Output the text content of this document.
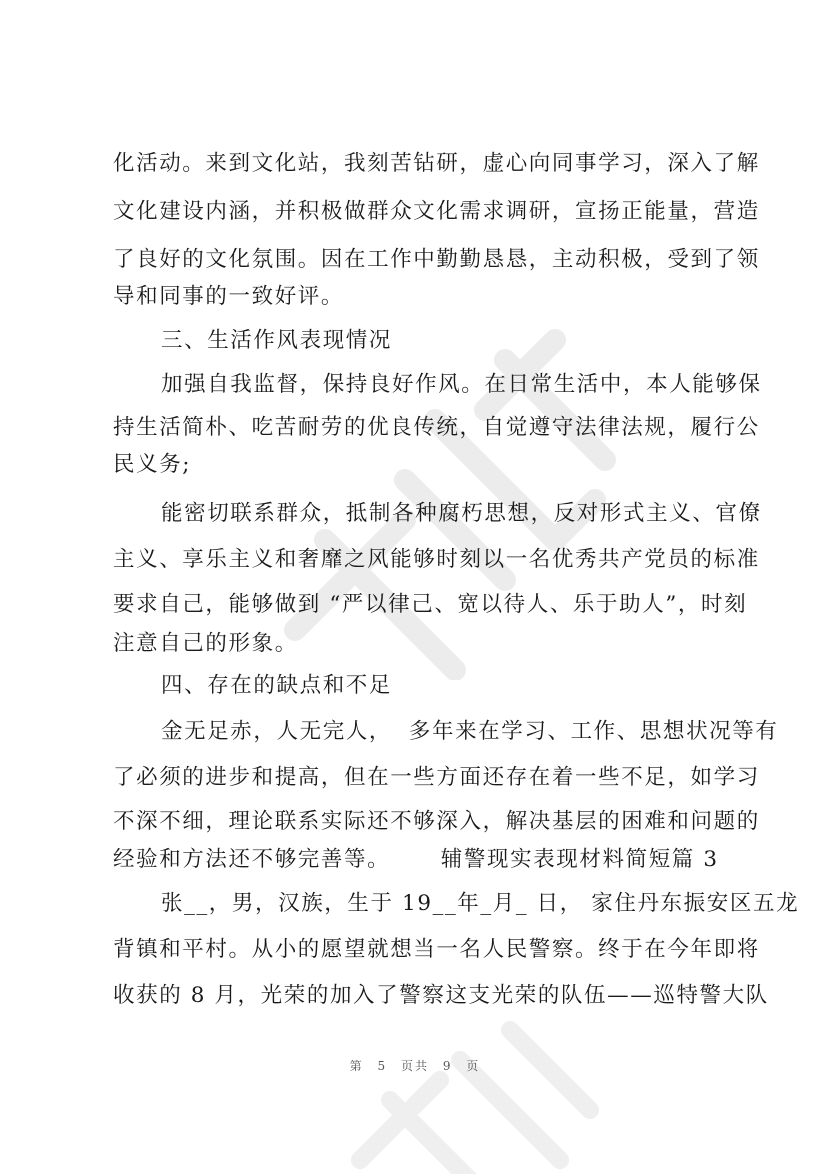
化活动。来到文化站，我刻苦钻研，虚心向同事学习，深入了解
文化建设内涵，并积极做群众文化需求调研，宣扬正能量，营造
了良好的文化氛围。因在工作中勤勤恳恳，主动积极，受到了领
导和同事的一致好评。
三、生活作风表现情况
加强自我监督，保持良好作风。在日常生活中，本人能够保
持生活简朴、吃苦耐劳的优良传统，自觉遵守法律法规，履行公
民义务;
能密切联系群众，抵制各种腐朽思想，反对形式主义、官僚
主义、享乐主义和奢靡之风能够时刻以一名优秀共产党员的标准
要求自己，能够做到 “严以律己、宽以待人、乐于助人”，时刻
注意自己的形象。
四、存在的缺点和不足
金无足赤，人无完人，  多年来在学习、工作、思想状况等有
了必须的进步和提高，但在一些方面还存在着一些不足，如学习
不深不细，理论联系实际还不够深入，解决基层的困难和问题的
经验和方法还不够完善等。      辅警现实表现材料简短篇 3
张__，男，汉族，生于 19__年_月_ 日， 家住丹东振安区五龙
背镇和平村。从小的愿望就想当一名人民警察。终于在今年即将
收获的 8 月，光荣的加入了警察这支光荣的队伍——巡特警大队
第 5 页共 9 页
